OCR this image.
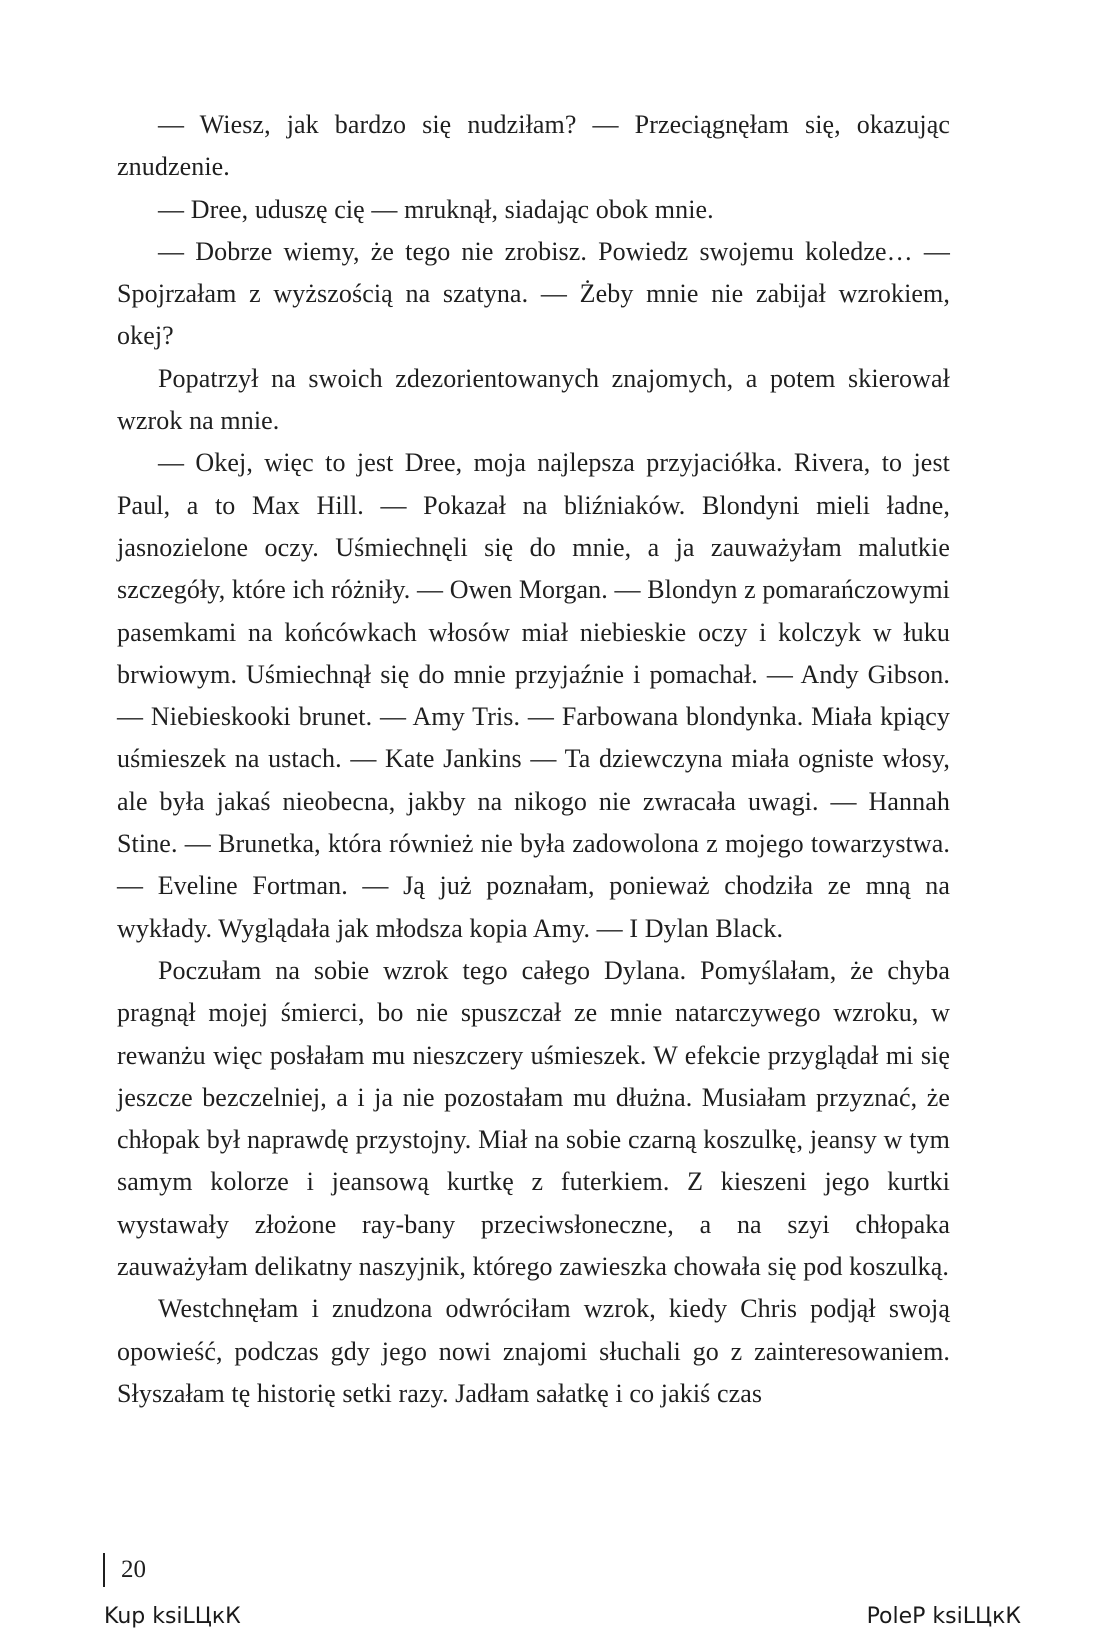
— Wiesz, jak bardzo się nudziłam? — Przeciągnęłam się, okazując znudzenie.

— Dree, uduszę cię — mruknął, siadając obok mnie.

— Dobrze wiemy, że tego nie zrobisz. Powiedz swojemu koledze… — Spojrzałam z wyższością na szatyna. — Żeby mnie nie zabijał wzrokiem, okej?

Popatrzył na swoich zdezorientowanych znajomych, a potem skierował wzrok na mnie.

— Okej, więc to jest Dree, moja najlepsza przyjaciółka. Rivera, to jest Paul, a to Max Hill. — Pokazał na bliźniaków. Blondyni mieli ładne, jasnozielone oczy. Uśmiechnęli się do mnie, a ja zauważyłam malutkie szczegóły, które ich różniły. — Owen Morgan. — Blondyn z pomarańczowymi pasemkami na końcówkach włosów miał niebieskie oczy i kolczyk w łuku brwiowym. Uśmiechnął się do mnie przyjaźnie i pomachał. — Andy Gibson. — Niebieskooki brunet. — Amy Tris. — Farbowana blondynka. Miała kpiący uśmieszek na ustach. — Kate Jankins — Ta dziewczyna miała ogniste włosy, ale była jakaś nieobecna, jakby na nikogo nie zwracała uwagi. — Hannah Stine. — Brunetka, która również nie była zadowolona z mojego towarzystwa. — Eveline Fortman. — Ją już poznałam, ponieważ chodziła ze mną na wykłady. Wyglądała jak młodsza kopia Amy. — I Dylan Black.

Poczułam na sobie wzrok tego całego Dylana. Pomyślałam, że chyba pragnął mojej śmierci, bo nie spuszczał ze mnie natarczywego wzroku, w rewanżu więc posłałam mu nieszczery uśmieszek. W efekcie przyglądał mi się jeszcze bezczelniej, a i ja nie pozostałam mu dłużna. Musiałam przyznać, że chłopak był naprawdę przystojny. Miał na sobie czarną koszulkę, jeansy w tym samym kolorze i jeansową kurtkę z futerkiem. Z kieszeni jego kurtki wystawały złożone ray-bany przeciwsłoneczne, a na szyi chłopaka zauważyłam delikatny naszyjnik, którego zawieszka chowała się pod koszulką.

Westchnęłam i znudzona odwróciłam wzrok, kiedy Chris podjął swoją opowieść, podczas gdy jego nowi znajomi słuchali go z zainteresowaniem. Słyszałam tę historię setki razy. Jadłam sałatkę i co jakiś czas

20
Kup ksiLЦкК	PoleP ksiLЦкК
